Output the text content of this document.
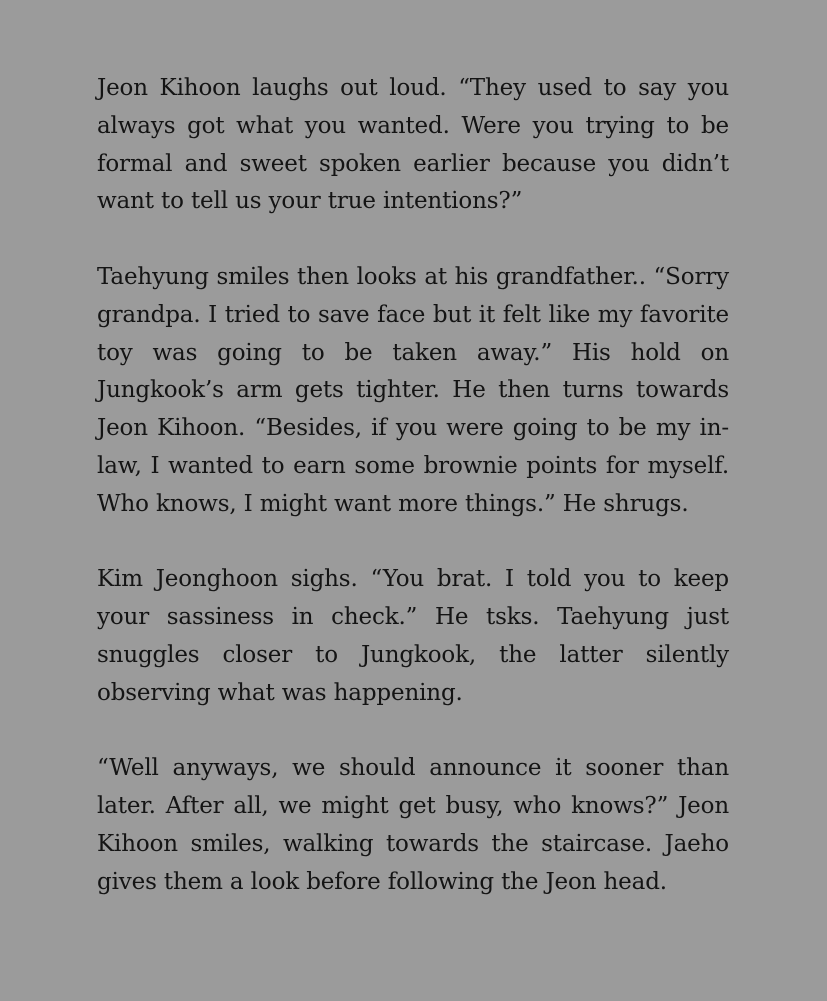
Jeon Kihoon laughs out loud. “They used to say you always got what you wanted. Were you trying to be formal and sweet spoken earlier because you didn’t want to tell us your true intentions?”

Taehyung smiles then looks at his grandfather.. “Sorry grandpa. I tried to save face but it felt like my favorite toy was going to be taken away.” His hold on Jungkook’s arm gets tighter. He then turns towards Jeon Kihoon. “Besides, if you were going to be my in-law, I wanted to earn some brownie points for myself. Who knows, I might want more things.” He shrugs.

Kim Jeonghoon sighs. “You brat. I told you to keep your sassiness in check.” He tsks. Taehyung just snuggles closer to Jungkook, the latter silently observing what was happening.

“Well anyways, we should announce it sooner than later. After all, we might get busy, who knows?” Jeon Kihoon smiles, walking towards the staircase. Jaeho gives them a look before following the Jeon head.
